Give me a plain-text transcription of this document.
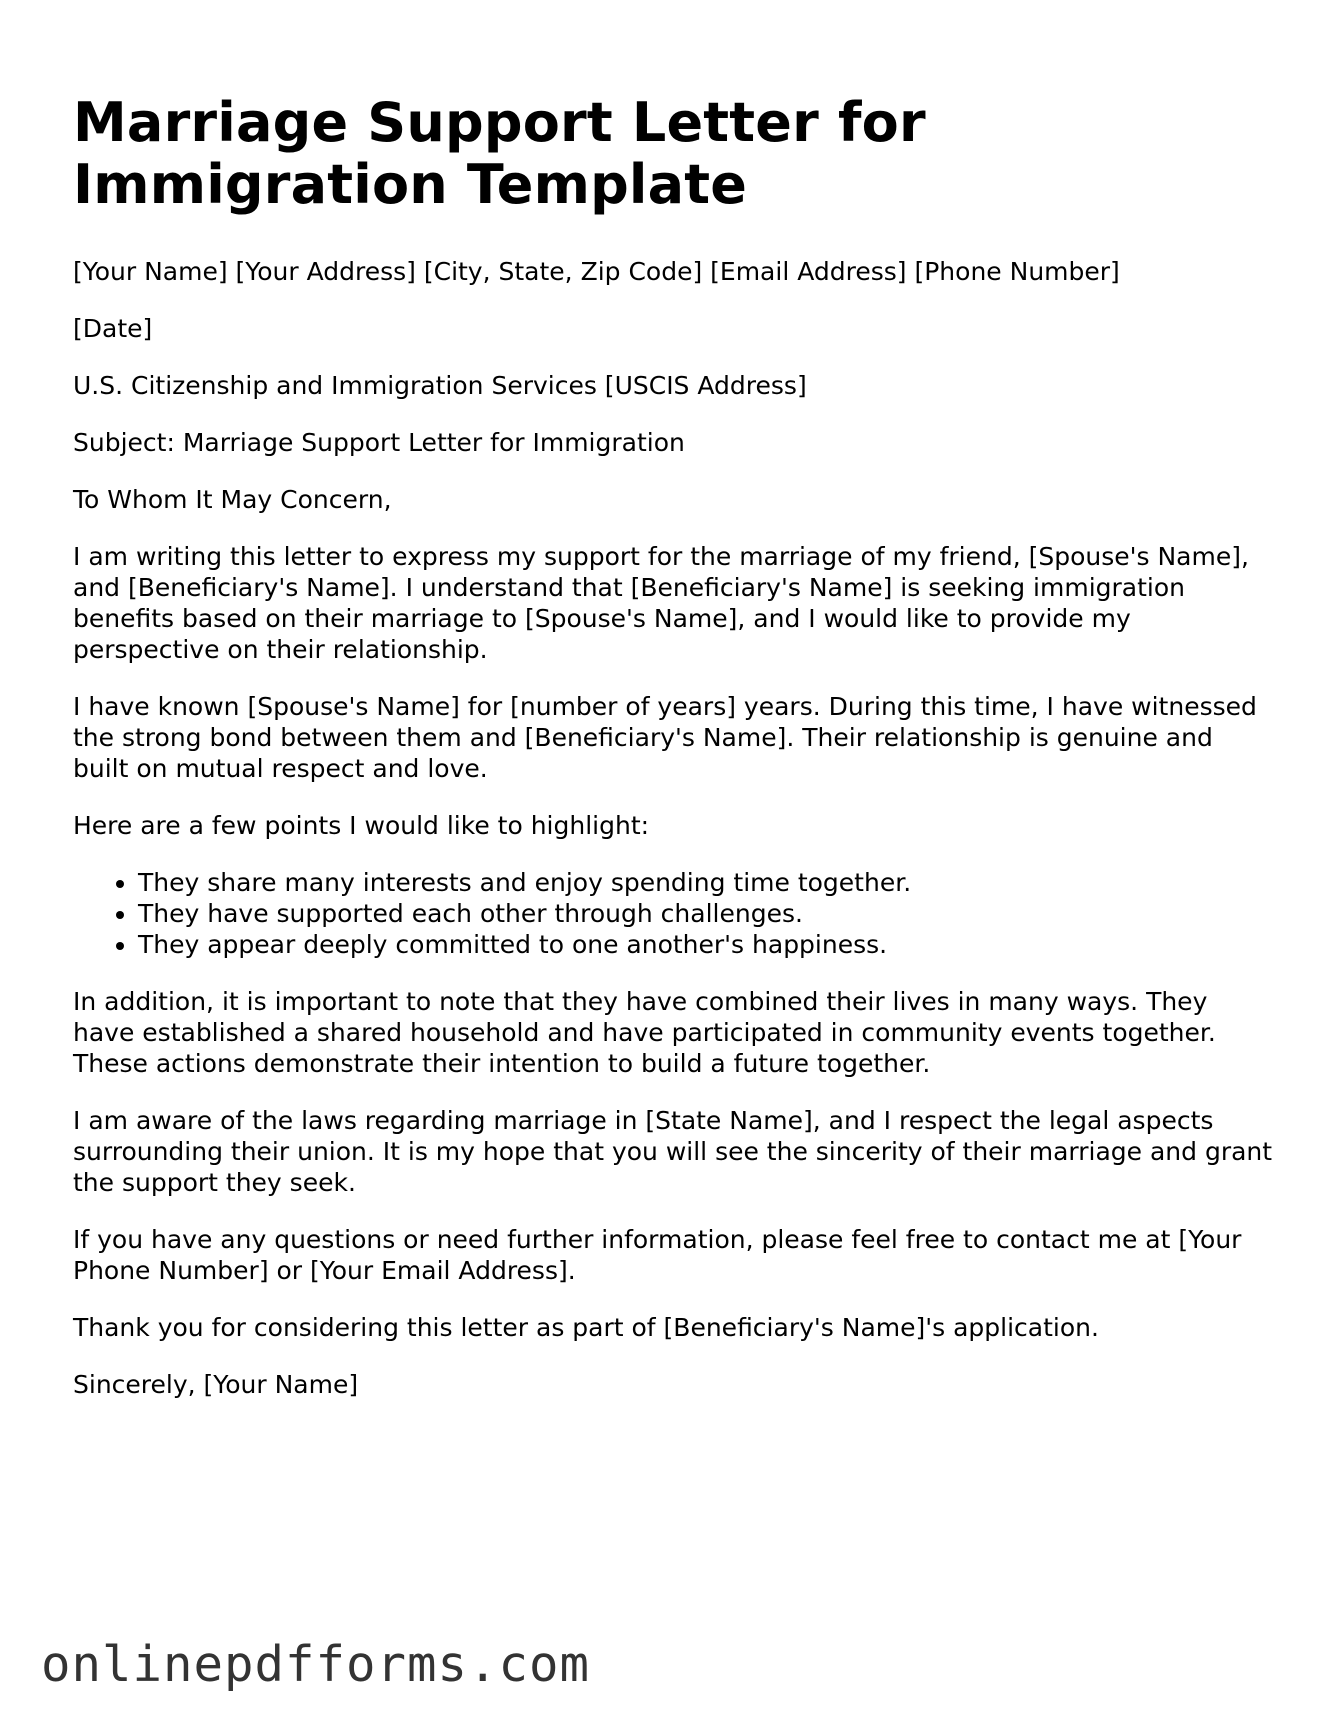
Marriage Support Letter for Immigration Template

[Your Name] [Your Address] [City, State, Zip Code] [Email Address] [Phone Number]

[Date]

U.S. Citizenship and Immigration Services [USCIS Address]

Subject: Marriage Support Letter for Immigration

To Whom It May Concern,

I am writing this letter to express my support for the marriage of my friend, [Spouse's Name], and [Beneficiary's Name]. I understand that [Beneficiary's Name] is seeking immigration benefits based on their marriage to [Spouse's Name], and I would like to provide my perspective on their relationship.

I have known [Spouse's Name] for [number of years] years. During this time, I have witnessed the strong bond between them and [Beneficiary's Name]. Their relationship is genuine and built on mutual respect and love.

Here are a few points I would like to highlight:

• They share many interests and enjoy spending time together.
• They have supported each other through challenges.
• They appear deeply committed to one another's happiness.

In addition, it is important to note that they have combined their lives in many ways. They have established a shared household and have participated in community events together. These actions demonstrate their intention to build a future together.

I am aware of the laws regarding marriage in [State Name], and I respect the legal aspects surrounding their union. It is my hope that you will see the sincerity of their marriage and grant the support they seek.

If you have any questions or need further information, please feel free to contact me at [Your Phone Number] or [Your Email Address].

Thank you for considering this letter as part of [Beneficiary's Name]'s application.

Sincerely, [Your Name]

onlinepdfforms.com
